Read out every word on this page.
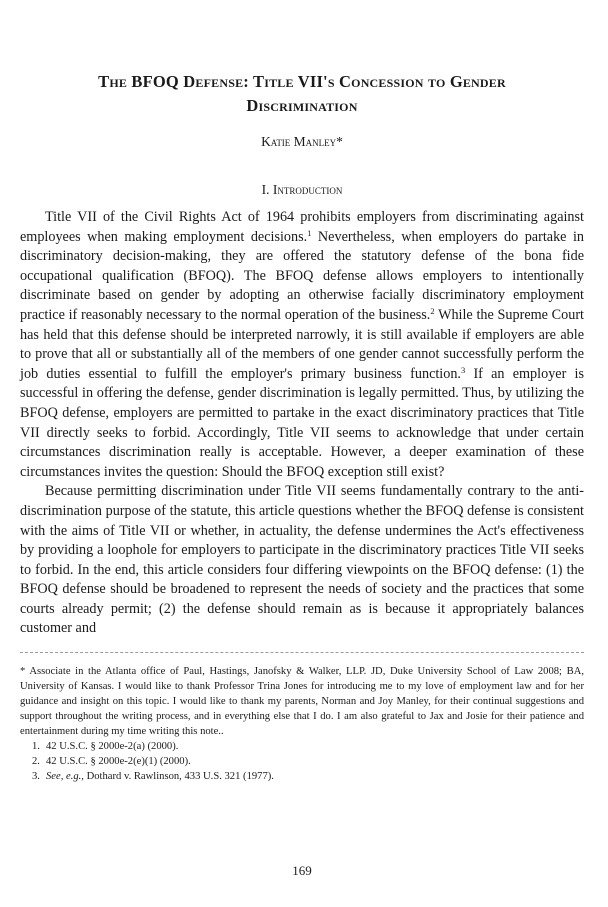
The BFOQ Defense: Title VII's Concession to Gender
Discrimination
Katie Manley*
I. Introduction

Title VII of the Civil Rights Act of 1964 prohibits employers from discriminating against employees when making employment decisions.$^1$ Nevertheless, when employers do partake in discriminatory decision-making, they are offered the statutory defense of the bona fide occupational qualification (BFOQ). The BFOQ defense allows employers to intentionally discriminate based on gender by adopting an otherwise facially discriminatory employment practice if reasonably necessary to the normal operation of the business.$^2$ While the Supreme Court has held that this defense should be interpreted narrowly, it is still available if employers are able to prove that all or substantially all of the members of one gender cannot successfully perform the job duties essential to fulfill the employer's primary business function.$^3$ If an employer is successful in offering the defense, gender discrimination is legally permitted. Thus, by utilizing the BFOQ defense, employers are permitted to partake in the exact discriminatory practices that Title VII directly seeks to forbid. Accordingly, Title VII seems to acknowledge that under certain circumstances discrimination really is acceptable. However, a deeper examination of these circumstances invites the question: Should the BFOQ exception still exist?

Because permitting discrimination under Title VII seems fundamentally contrary to the anti-discrimination purpose of the statute, this article questions whether the BFOQ defense is consistent with the aims of Title VII or whether, in actuality, the defense undermines the Act's effectiveness by providing a loophole for employers to participate in the discriminatory practices Title VII seeks to forbid. In the end, this article considers four differing viewpoints on the BFOQ defense: (1) the BFOQ defense should be broadened to represent the needs of society and the practices that some courts already permit; (2) the defense should remain as is because it appropriately balances customer and

* Associate in the Atlanta office of Paul, Hastings, Janofsky & Walker, LLP. JD, Duke University School of Law 2008; BA, University of Kansas. I would like to thank Professor Trina Jones for introducing me to my love of employment law and for her guidance and insight on this topic. I would like to thank my parents, Norman and Joy Manley, for their continual suggestions and support throughout the writing process, and in everything else that I do. I am also grateful to Jax and Josie for their patience and entertainment during my time writing this note..

1. 42 U.S.C. § 2000e-2(a) (2000).
2. 42 U.S.C. § 2000e-2(e)(1) (2000).
3. See, e.g., Dothard v. Rawlinson, 433 U.S. 321 (1977).
169
